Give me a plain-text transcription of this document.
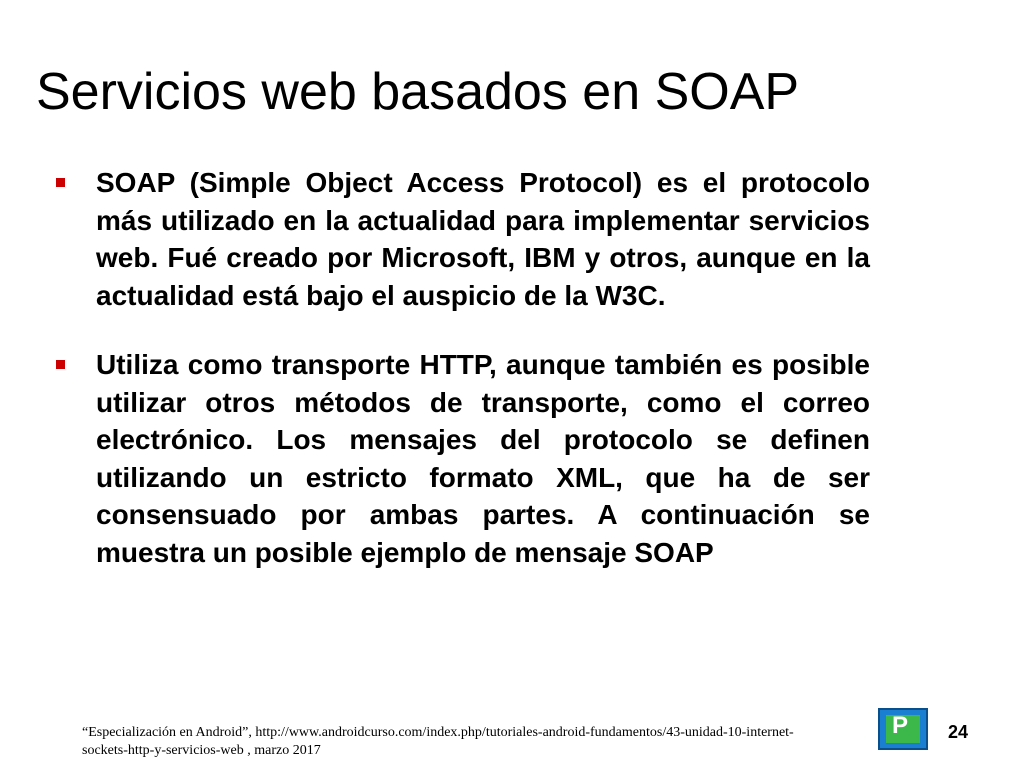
Servicios web basados en SOAP
SOAP (Simple Object Access Protocol) es el protocolo más utilizado en la actualidad para implementar servicios web. Fué creado por Microsoft, IBM y otros, aunque en la actualidad está bajo el auspicio de la W3C.
Utiliza como transporte HTTP, aunque también es posible utilizar otros métodos de transporte, como el correo electrónico. Los mensajes del protocolo se definen utilizando un estricto formato XML, que ha de ser consensuado por ambas partes. A continuación se muestra un posible ejemplo de mensaje SOAP
“Especialización en Android”, http://www.androidcurso.com/index.php/tutoriales-android-fundamentos/43-unidad-10-internet-sockets-http-y-servicios-web , marzo 2017
P 24
